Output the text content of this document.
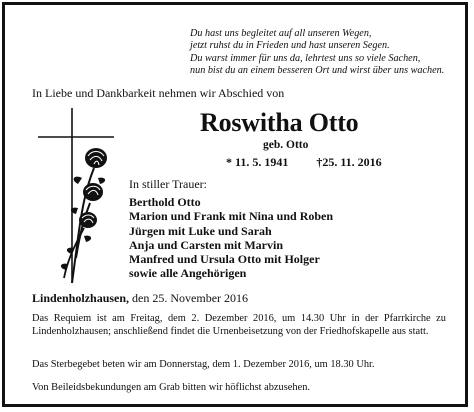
Du hast uns begleitet auf all unseren Wegen,
jetzt ruhst du in Frieden und hast unseren Segen.
Du warst immer für uns da, lehrtest uns so viele Sachen,
nun bist du an einem besseren Ort und wirst über uns wachen.
In Liebe und Dankbarkeit nehmen wir Abschied von
Roswitha Otto
geb. Otto
* 11. 5. 1941 †25. 11. 2016
In stiller Trauer:
Berthold Otto
Marion und Frank mit Nina und Roben
Jürgen mit Luke und Sarah
Anja und Carsten mit Marvin
Manfred und Ursula Otto mit Holger
sowie alle Angehörigen
Lindenholzhausen, den 25. November 2016
Das Requiem ist am Freitag, dem 2. Dezember 2016, um 14.30 Uhr in der Pfarrkirche zu Lindenholzhausen; anschließend findet die Urnenbeisetzung von der Friedhofskapelle aus statt.
Das Sterbegebet beten wir am Donnerstag, dem 1. Dezember 2016, um 18.30 Uhr.
Von Beileidsbekundungen am Grab bitten wir höflichst abzusehen.
